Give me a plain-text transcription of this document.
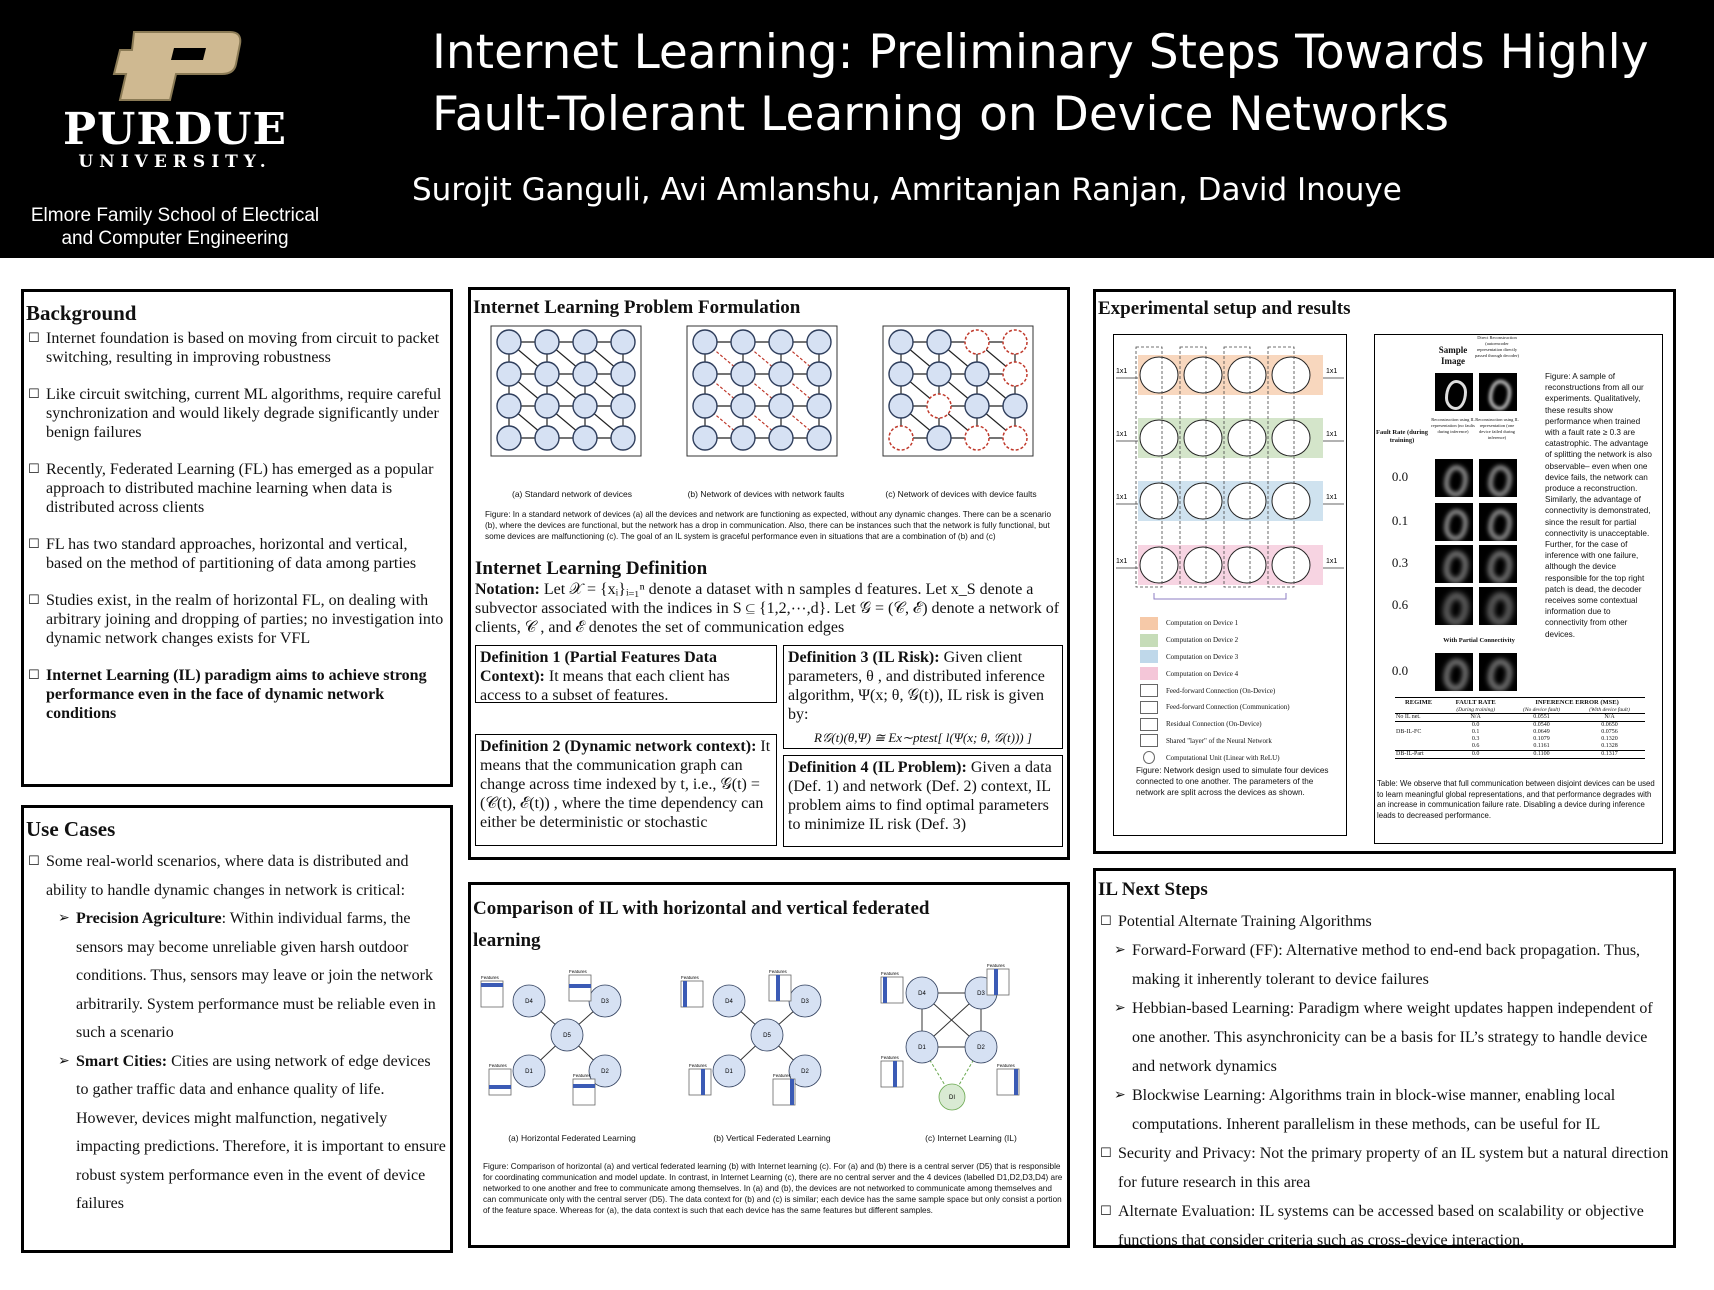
PURDUE
UNIVERSITY.
Elmore Family School of Electrical and Computer Engineering
Internet Learning: Preliminary Steps Towards Highly Fault-Tolerant Learning on Device Networks
Surojit Ganguli, Avi Amlanshu, Amritanjan Ranjan, David Inouye
Background
☐ Internet foundation is based on moving from circuit to packet switching, resulting in improving robustness
☐ Like circuit switching, current ML algorithms, require careful synchronization and would likely degrade significantly under benign failures
☐ Recently, Federated Learning (FL) has emerged as a popular approach to distributed machine learning when data is distributed across clients
☐ FL has two standard approaches, horizontal and vertical, based on the method of partitioning of data among parties
☐ Studies exist, in the realm of horizontal FL, on dealing with arbitrary joining and dropping of parties; no investigation into dynamic network changes exists for VFL
☐ Internet Learning (IL) paradigm aims to achieve strong performance even in the face of dynamic network conditions
Use Cases
☐ Some real-world scenarios, where data is distributed and ability to handle dynamic changes in network is critical:
➢ Precision Agriculture: Within individual farms, the sensors may become unreliable given harsh outdoor conditions. Thus, sensors may leave or join the network arbitrarily. System performance must be reliable even in such a scenario
➢ Smart Cities: Cities are using network of edge devices to gather traffic data and enhance quality of life. However, devices might malfunction, negatively impacting predictions. Therefore, it is important to ensure robust system performance even in the event of device failures
Internet Learning Problem Formulation
(a) Standard network of devices	(b) Network of devices with network faults	(c) Network of devices with device faults
Figure: In a standard network of devices (a) all the devices and network are functioning as expected, without any dynamic changes. There can be a scenario (b), where the devices are functional, but the network has a drop in communication. Also, there can be instances such that the network is fully functional, but some devices are malfunctioning (c). The goal of an IL system is graceful performance even in situations that are a combination of (b) and (c)
Internet Learning Definition
Notation: Let 𝒳 = {xᵢ}ᵢ₌₁ⁿ denote a dataset with n samples d features. Let x_S denote a subvector associated with the indices in S ⊆ {1,2,⋯,d}. Let 𝒢 = (𝒞, ℰ) denote a network of clients, 𝒞 , and ℰ denotes the set of communication edges
Definition 1 (Partial Features Data Context): It means that each client has access to a subset of features.
Definition 2 (Dynamic network context): It means that the communication graph can change across time indexed by t, i.e., 𝒢(t) = (𝒞(t), ℰ(t)) , where the time dependency can either be deterministic or stochastic
Definition 3 (IL Risk): Given client parameters, θ , and distributed inference algorithm, Ψ(x; θ, 𝒢(t)), IL risk is given by:
R𝒢(t)(θ,Ψ) ≅ Ex∼ptest[ l(Ψ(x; θ, 𝒢(t))) ]
Definition 4 (IL Problem): Given a data (Def. 1) and network (Def. 2) context, IL problem aims to find optimal parameters to minimize IL risk (Def. 3)
Comparison of IL with horizontal and vertical federated learning
D4	D3
D5
D1	D2
Features
Features
Features
Features
D4	D3
D5
D1	D2
Features
Features
Features
Features
D4	D3
D1	D2
DI
Features
Features
Features
Features
(a) Horizontal Federated Learning	(b) Vertical Federated Learning	(c) Internet Learning (IL)
Figure: Comparison of horizontal (a) and vertical federated learning (b) with Internet learning (c). For (a) and (b) there is a central server (D5) that is responsible for coordinating communication and model update. In contrast, in Internet Learning (c), there are no central server and the 4 devices (labelled D1,D2,D3,D4) are networked to one another and free to communicate among themselves. In (a) and (b), the devices are not networked to communicate among themselves and can communicate only with the central server (D5). The data context for (b) and (c) is similar; each device has the same sample space but only consist a portion of the feature space. Whereas for (a), the data context is such that each device has the same features but different samples.
Experimental setup and results
1x1	1x1
1x1	1x1
1x1	1x1
1x1	1x1
Computation on Device 1
Computation on Device 2
Computation on Device 3
Computation on Device 4
Feed-forward Connection (On-Device)
Feed-forward Connection (Communication)
Residual Connection (On-Device)
Shared "layer" of the Neural Network
Computational Unit (Linear with ReLU)
Figure: Network design used to simulate four devices connected to one another. The parameters of the network are split across the devices as shown.
Sample Image
Direct Reconstruction (autoencoder representation directly passed through decoder)
Reconstruction using IL representation (no faults during inference)
Reconstruction using IL representation (one device failed during inference)
Fault Rate (during training)
0.0
0.1
0.3
0.6
0.0
With Partial Connectivity
Figure: A sample of reconstructions from all our experiments. Qualitatively, these results show performance when trained with a fault rate ≥ 0.3 are catastrophic. The advantage of splitting the network is also observable– even when one device fails, the network can produce a reconstruction. Similarly, the advantage of connectivity is demonstrated, since the result for partial connectivity is unacceptable. Further, for the case of inference with one failure, although the device responsible for the top right patch is dead, the decoder receives some contextual information due to connectivity from other devices.
REGIME	FAULT RATE	INFERENCE ERROR (MSE)	
	(During training)	(No device fault)	(With device fault)
No IL net.	N/A	0.0551	N/A
	0.0	0.0540	0.0650
DB-IL-FC	0.1	0.0649	0.0756
	0.3	0.1079	0.1320
	0.6	0.1161	0.1328
DB-IL-Part	0.0	0.1100	0.1317
Table: We observe that full communication between disjoint devices can be used to learn meaningful global representations, and that performance degrades with an increase in communication failure rate. Disabling a device during inference leads to decreased performance.
IL Next Steps
☐ Potential Alternate Training Algorithms
➢ Forward-Forward (FF): Alternative method to end-end back propagation. Thus, making it inherently tolerant to device failures
➢ Hebbian-based Learning: Paradigm where weight updates happen independent of one another. This asynchronicity can be a basis for IL’s strategy to handle device and network dynamics
➢ Blockwise Learning: Algorithms train in block-wise manner, enabling local computations. Inherent parallelism in these methods, can be useful for IL
☐ Security and Privacy: Not the primary property of an IL system but a natural direction for future research in this area
☐ Alternate Evaluation: IL systems can be accessed based on scalability or objective functions that consider criteria such as cross-device interaction.
